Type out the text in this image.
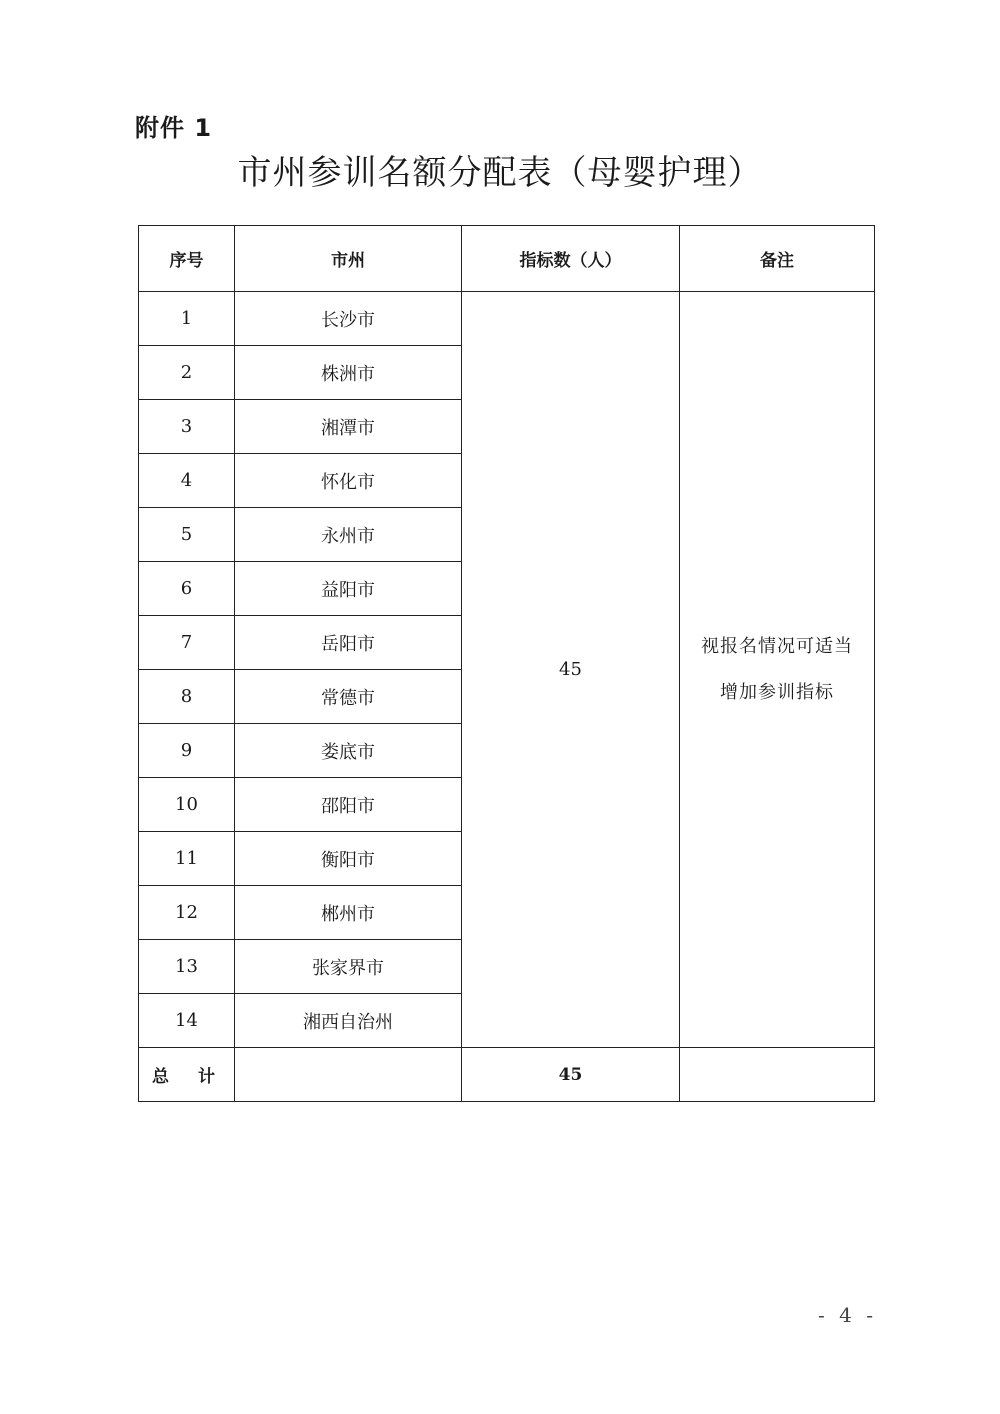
附件 1
市州参训名额分配表（母婴护理）
序号	市州	指标数（人）	备注
1	长沙市	45	视报名情况可适当
增加参训指标

2	株洲市		
3	湘潭市		
4	怀化市		
5	永州市		
6	益阳市		
7	岳阳市		
8	常德市		
9	娄底市		
10	邵阳市		
11	衡阳市		
12	郴州市		
13	张家界市		
14	湘西自治州		
总　计		45	
- 4 -
